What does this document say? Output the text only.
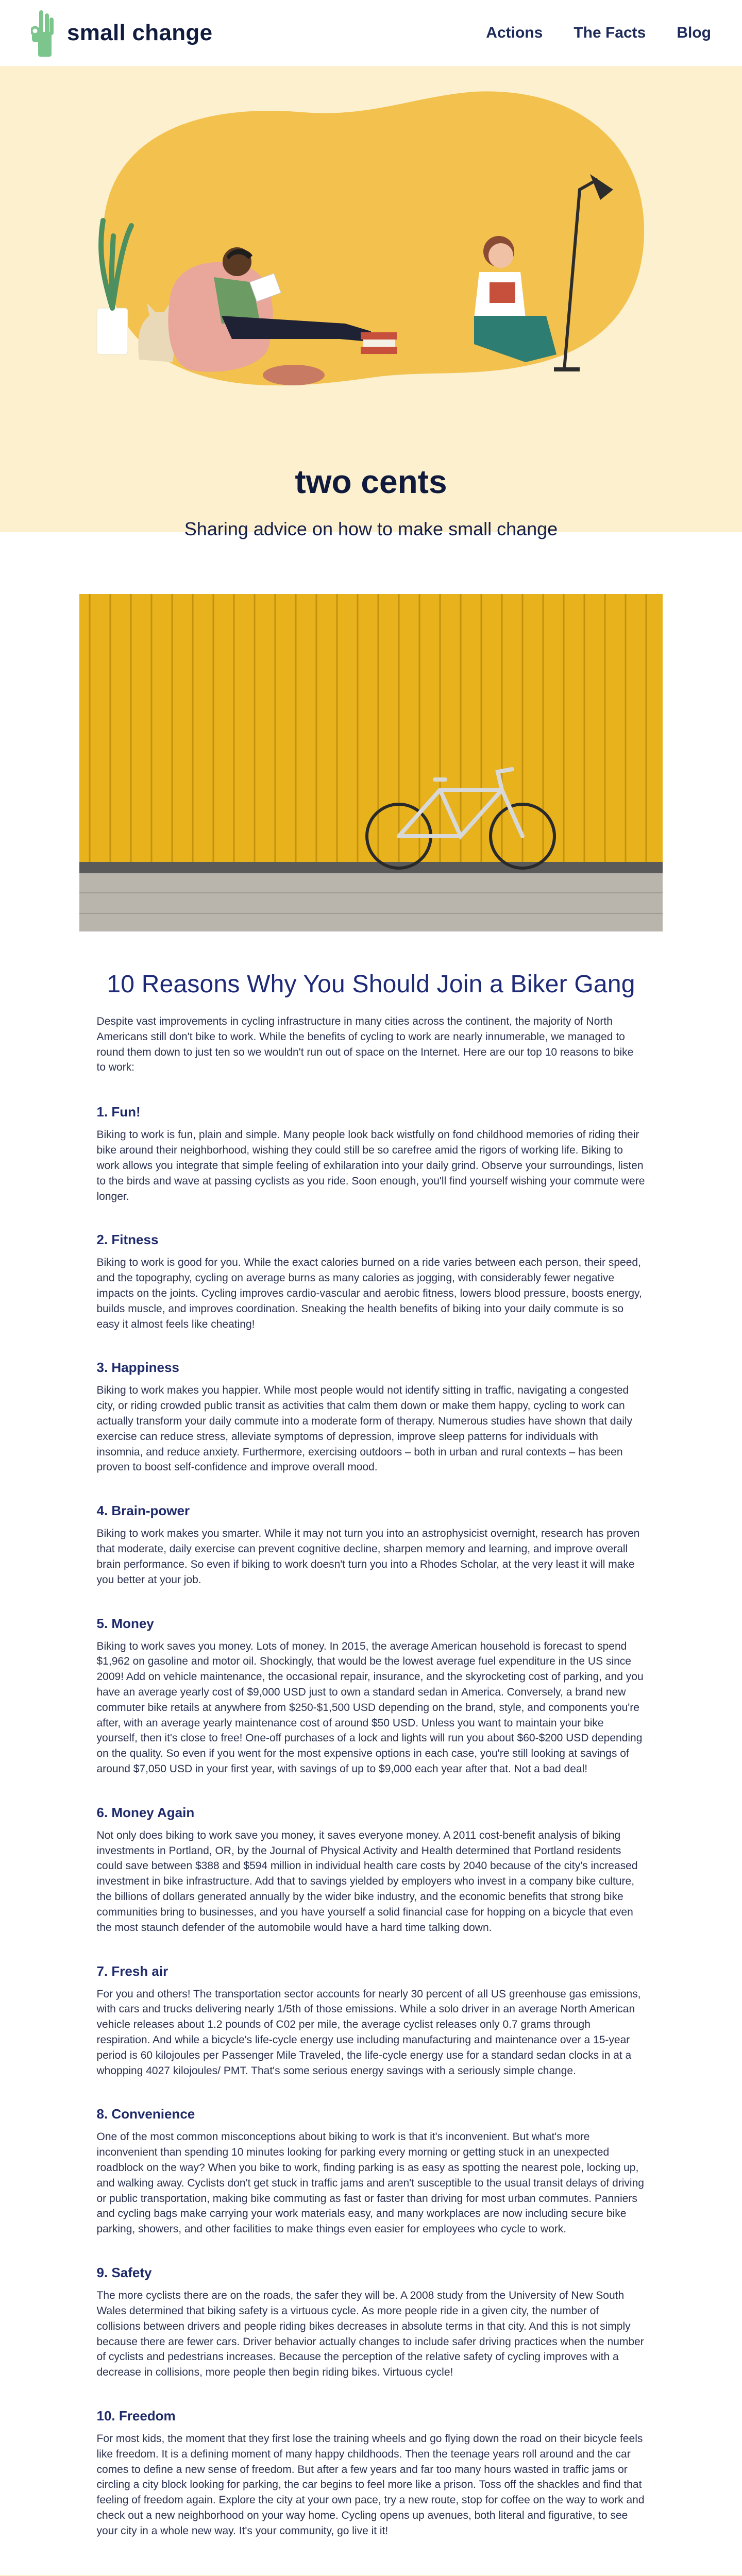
small change	Actions The Facts Blog
two cents

Sharing advice on how to make small change

10 Reasons Why You Should Join a Biker Gang

Despite vast improvements in cycling infrastructure in many cities across the continent, the majority of North Americans still don't bike to work. While the benefits of cycling to work are nearly innumerable, we managed to round them down to just ten so we wouldn't run out of space on the Internet. Here are our top 10 reasons to bike to work:

1. Fun!

Biking to work is fun, plain and simple. Many people look back wistfully on fond childhood memories of riding their bike around their neighborhood, wishing they could still be so carefree amid the rigors of working life. Biking to work allows you integrate that simple feeling of exhilaration into your daily grind. Observe your surroundings, listen to the birds and wave at passing cyclists as you ride. Soon enough, you'll find yourself wishing your commute were longer.

2. Fitness

Biking to work is good for you. While the exact calories burned on a ride varies between each person, their speed, and the topography, cycling on average burns as many calories as jogging, with considerably fewer negative impacts on the joints. Cycling improves cardio-vascular and aerobic fitness, lowers blood pressure, boosts energy, builds muscle, and improves coordination. Sneaking the health benefits of biking into your daily commute is so easy it almost feels like cheating!

3. Happiness

Biking to work makes you happier. While most people would not identify sitting in traffic, navigating a congested city, or riding crowded public transit as activities that calm them down or make them happy, cycling to work can actually transform your daily commute into a moderate form of therapy. Numerous studies have shown that daily exercise can reduce stress, alleviate symptoms of depression, improve sleep patterns for individuals with insomnia, and reduce anxiety. Furthermore, exercising outdoors – both in urban and rural contexts – has been proven to boost self-confidence and improve overall mood.

4. Brain-power

Biking to work makes you smarter. While it may not turn you into an astrophysicist overnight, research has proven that moderate, daily exercise can prevent cognitive decline, sharpen memory and learning, and improve overall brain performance. So even if biking to work doesn't turn you into a Rhodes Scholar, at the very least it will make you better at your job.

5. Money

Biking to work saves you money. Lots of money. In 2015, the average American household is forecast to spend $1,962 on gasoline and motor oil. Shockingly, that would be the lowest average fuel expenditure in the US since 2009! Add on vehicle maintenance, the occasional repair, insurance, and the skyrocketing cost of parking, and you have an average yearly cost of $9,000 USD just to own a standard sedan in America. Conversely, a brand new commuter bike retails at anywhere from $250-$1,500 USD depending on the brand, style, and components you're after, with an average yearly maintenance cost of around $50 USD. Unless you want to maintain your bike yourself, then it's close to free! One-off purchases of a lock and lights will run you about $60-$200 USD depending on the quality. So even if you went for the most expensive options in each case, you're still looking at savings of around $7,050 USD in your first year, with savings of up to $9,000 each year after that. Not a bad deal!

6. Money Again

Not only does biking to work save you money, it saves everyone money. A 2011 cost-benefit analysis of biking investments in Portland, OR, by the Journal of Physical Activity and Health determined that Portland residents could save between $388 and $594 million in individual health care costs by 2040 because of the city's increased investment in bike infrastructure. Add that to savings yielded by employers who invest in a company bike culture, the billions of dollars generated annually by the wider bike industry, and the economic benefits that strong bike communities bring to businesses, and you have yourself a solid financial case for hopping on a bicycle that even the most staunch defender of the automobile would have a hard time talking down.

7. Fresh air

For you and others! The transportation sector accounts for nearly 30 percent of all US greenhouse gas emissions, with cars and trucks delivering nearly 1/5th of those emissions. While a solo driver in an average North American vehicle releases about 1.2 pounds of C02 per mile, the average cyclist releases only 0.7 grams through respiration. And while a bicycle's life-cycle energy use including manufacturing and maintenance over a 15-year period is 60 kilojoules per Passenger Mile Traveled, the life-cycle energy use for a standard sedan clocks in at a whopping 4027 kilojoules/ PMT. That's some serious energy savings with a seriously simple change.

8. Convenience

One of the most common misconceptions about biking to work is that it's inconvenient. But what's more inconvenient than spending 10 minutes looking for parking every morning or getting stuck in an unexpected roadblock on the way? When you bike to work, finding parking is as easy as spotting the nearest pole, locking up, and walking away. Cyclists don't get stuck in traffic jams and aren't susceptible to the usual transit delays of driving or public transportation, making bike commuting as fast or faster than driving for most urban commutes. Panniers and cycling bags make carrying your work materials easy, and many workplaces are now including secure bike parking, showers, and other facilities to make things even easier for employees who cycle to work.

9. Safety

The more cyclists there are on the roads, the safer they will be. A 2008 study from the University of New South Wales determined that biking safety is a virtuous cycle. As more people ride in a given city, the number of collisions between drivers and people riding bikes decreases in absolute terms in that city. And this is not simply because there are fewer cars. Driver behavior actually changes to include safer driving practices when the number of cyclists and pedestrians increases. Because the perception of the relative safety of cycling improves with a decrease in collisions, more people then begin riding bikes. Virtuous cycle!

10. Freedom

For most kids, the moment that they first lose the training wheels and go flying down the road on their bicycle feels like freedom. It is a defining moment of many happy childhoods. Then the teenage years roll around and the car comes to define a new sense of freedom. But after a few years and far too many hours wasted in traffic jams or circling a city block looking for parking, the car begins to feel more like a prison. Toss off the shackles and find that feeling of freedom again. Explore the city at your own pace, try a new route, stop for coffee on the way to work and check out a new neighborhood on your way home. Cycling opens up avenues, both literal and figurative, to see your city in a whole new way. It's your community, go live it it!
